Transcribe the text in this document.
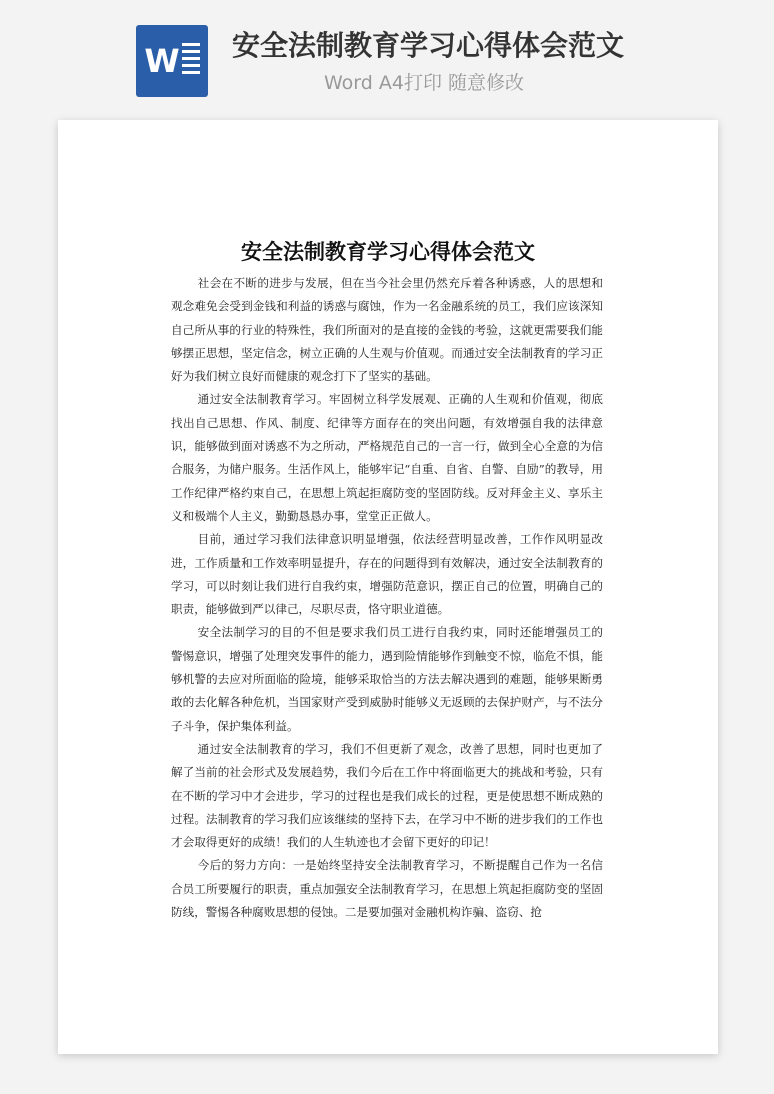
W 安全法制教育学习心得体会范文
Word A4打印 随意修改
安全法制教育学习心得体会范文

社会在不断的进步与发展，但在当今社会里仍然充斥着各种诱惑，人的思想和观念难免会受到金钱和利益的诱惑与腐蚀，作为一名金融系统的员工，我们应该深知自己所从事的行业的特殊性，我们所面对的是直接的金钱的考验，这就更需要我们能够摆正思想，坚定信念，树立正确的人生观与价值观。而通过安全法制教育的学习正好为我们树立良好而健康的观念打下了坚实的基础。

通过安全法制教育学习。牢固树立科学发展观、正确的人生观和价值观，彻底找出自己思想、作风、制度、纪律等方面存在的突出问题，有效增强自我的法律意识，能够做到面对诱惑不为之所动，严格规范自己的一言一行，做到全心全意的为信合服务，为储户服务。生活作风上，能够牢记“自重、自省、自警、自励”的教导，用工作纪律严格约束自己，在思想上筑起拒腐防变的坚固防线。反对拜金主义、享乐主义和极端个人主义，勤勤恳恳办事，堂堂正正做人。

目前，通过学习我们法律意识明显增强，依法经营明显改善，工作作风明显改进，工作质量和工作效率明显提升，存在的问题得到有效解决，通过安全法制教育的学习，可以时刻让我们进行自我约束，增强防范意识，摆正自己的位置，明确自己的职责，能够做到严以律己，尽职尽责，恪守职业道德。

安全法制学习的目的不但是要求我们员工进行自我约束，同时还能增强员工的警惕意识，增强了处理突发事件的能力，遇到险情能够作到触变不惊，临危不惧，能够机警的去应对所面临的险境，能够采取恰当的方法去解决遇到的难题，能够果断勇敢的去化解各种危机，当国家财产受到威胁时能够义无返顾的去保护财产，与不法分子斗争，保护集体利益。

通过安全法制教育的学习，我们不但更新了观念，改善了思想，同时也更加了解了当前的社会形式及发展趋势，我们今后在工作中将面临更大的挑战和考验，只有在不断的学习中才会进步，学习的过程也是我们成长的过程，更是使思想不断成熟的过程。法制教育的学习我们应该继续的坚持下去，在学习中不断的进步我们的工作也才会取得更好的成绩！我们的人生轨迹也才会留下更好的印记！

今后的努力方向：一是始终坚持安全法制教育学习，不断提醒自己作为一名信合员工所要履行的职责，重点加强安全法制教育学习，在思想上筑起拒腐防变的坚固防线，警惕各种腐败思想的侵蚀。二是要加强对金融机构诈骗、盗窃、抢
